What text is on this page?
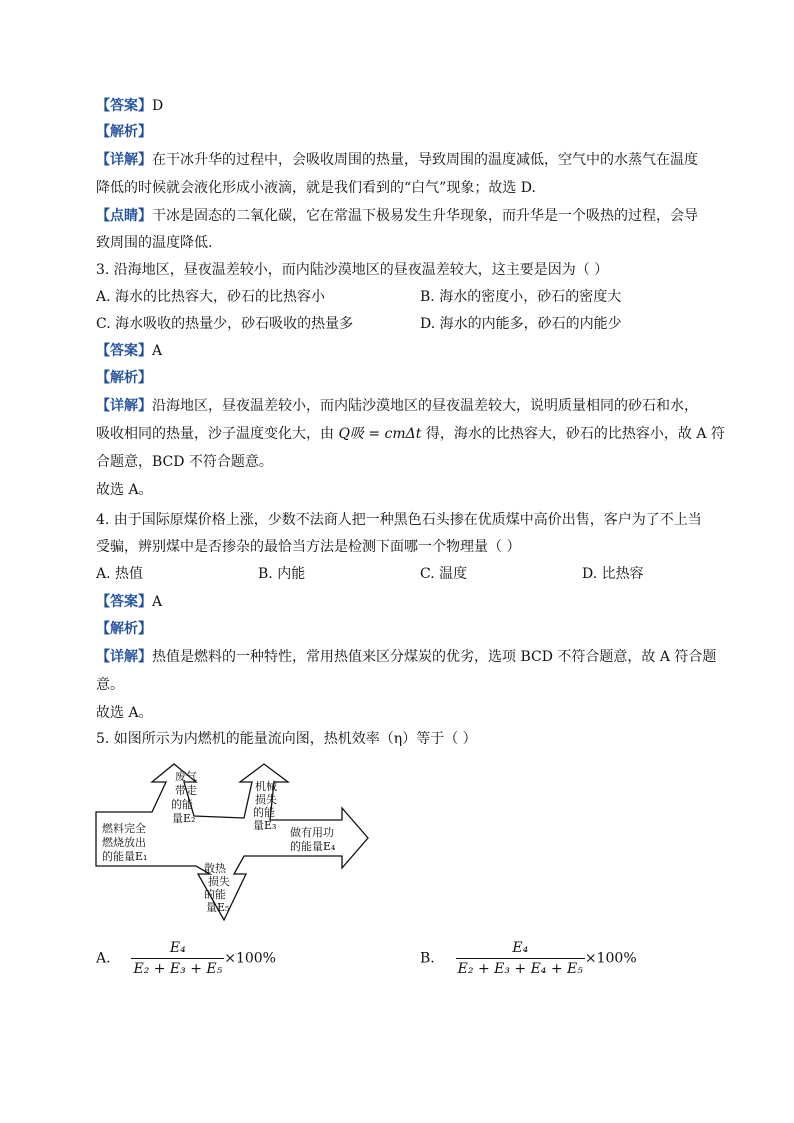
【答案】D
【解析】
【详解】在干冰升华的过程中，会吸收周围的热量，导致周围的温度减低，空气中的水蒸气在温度
降低的时候就会液化形成小液滴，就是我们看到的“白气”现象；故选 D.
【点睛】干冰是固态的二氧化碳，它在常温下极易发生升华现象，而升华是一个吸热的过程，会导
致周围的温度降低.
3. 沿海地区，昼夜温差较小，而内陆沙漠地区的昼夜温差较大，这主要是因为（ ）
A. 海水的比热容大，砂石的比热容小	B. 海水的密度小，砂石的密度大
C. 海水吸收的热量少，砂石吸收的热量多	D. 海水的内能多，砂石的内能少
【答案】A
【解析】
【详解】沿海地区，昼夜温差较小，而内陆沙漠地区的昼夜温差较大，说明质量相同的砂石和水，
吸收相同的热量，沙子温度变化大，由 Q吸 = cmΔt 得，海水的比热容大，砂石的比热容小，故 A 符
合题意，BCD 不符合题意。
故选 A。
4. 由于国际原煤价格上涨，少数不法商人把一种黑色石头掺在优质煤中高价出售，客户为了不上当
受骗，辨别煤中是否掺杂的最恰当方法是检测下面哪一个物理量（ ）
A. 热值	B. 内能	C. 温度	D. 比热容
【答案】A
【解析】
【详解】热值是燃料的一种特性，常用热值来区分煤炭的优劣，选项 BCD 不符合题意，故 A 符合题
意。
故选 A。
5. 如图所示为内燃机的能量流向图，热机效率（η）等于（ ）
燃料完全
燃烧放出
的能量E₁
废气
带走
的能
量E₂
机械
损失
的能
量E₃
做有用功
的能量E₄
散热
损失
的能
量E₅
A. $\frac{\text{E₄}}{\text{E₂ + E₃ + E₅}} \times 100\%$	B. $\frac{\text{E₄}}{\text{E₂ + E₃ + E₄ + E₅}} \times 100\%$
